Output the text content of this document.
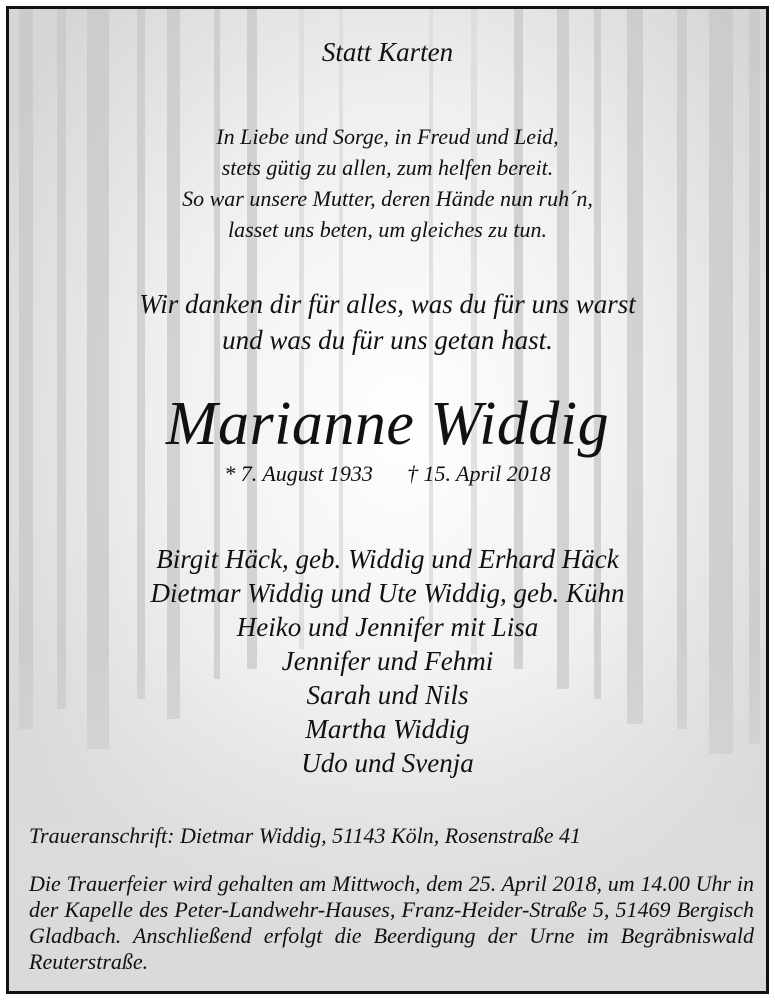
Statt Karten
In Liebe und Sorge, in Freud und Leid,
stets gütig zu allen, zum helfen bereit.
So war unsere Mutter, deren Hände nun ruh´n,
lasset uns beten, um gleiches zu tun.
Wir danken dir für alles, was du für uns warst
und was du für uns getan hast.
Marianne Widdig
* 7. August 1933 † 15. April 2018
Birgit Häck, geb. Widdig und Erhard Häck
Dietmar Widdig und Ute Widdig, geb. Kühn
Heiko und Jennifer mit Lisa
Jennifer und Fehmi
Sarah und Nils
Martha Widdig
Udo und Svenja
Traueranschrift: Dietmar Widdig, 51143 Köln, Rosenstraße 41
Die Trauerfeier wird gehalten am Mittwoch, dem 25. April 2018, um 14.00 Uhr in der Kapelle des Peter-Landwehr-Hauses, Franz-Heider-Straße 5, 51469 Bergisch Gladbach. Anschließend erfolgt die Beerdigung der Urne im Begräbniswald Reuterstraße.
